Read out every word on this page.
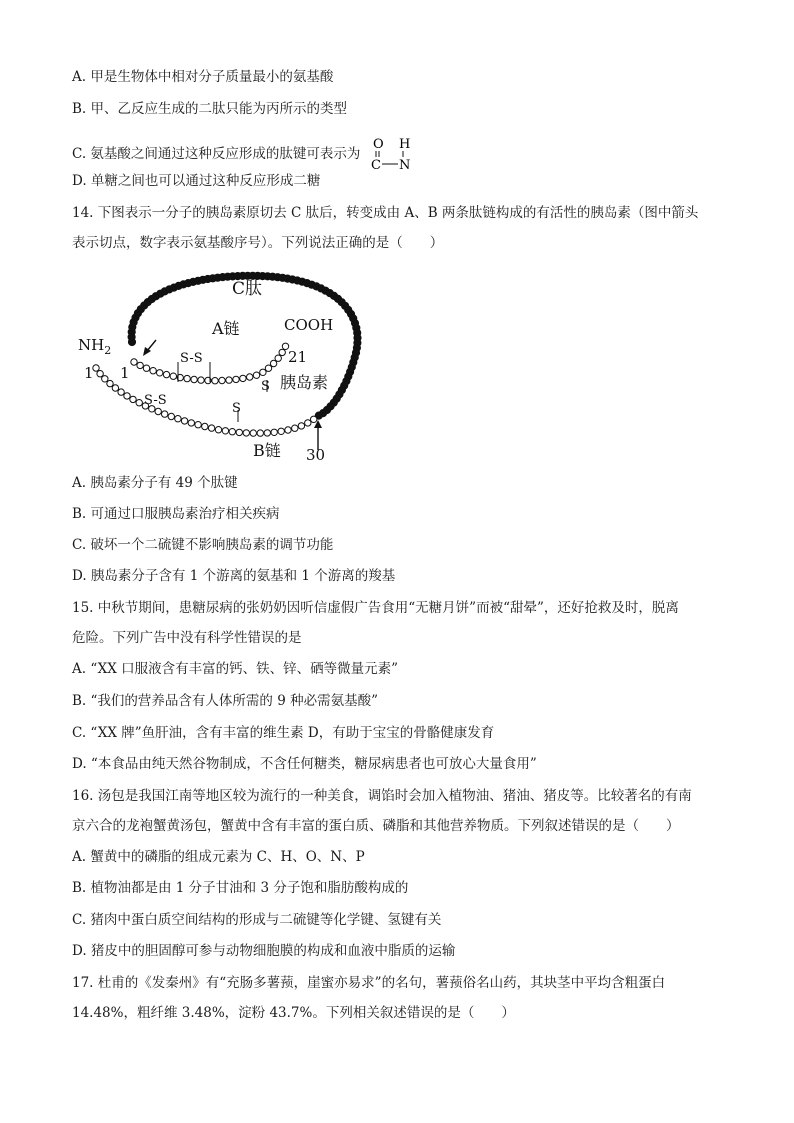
A. 甲是生物体中相对分子质量最小的氨基酸
B. 甲、乙反应生成的二肽只能为丙所示的类型
C. 氨基酸之间通过这种反应形成的肽键可表示为
O H
C N
D. 单糖之间也可以通过这种反应形成二糖
14. 下图表示一分子的胰岛素原切去 C 肽后，转变成由 A、B 两条肽链构成的有活性的胰岛素（图中箭头
表示切点，数字表示氨基酸序号）。下列说法正确的是（　　）
C肽
A链
B链
$NH_2$
COOH
1 1
21
30
胰岛素
S-S
S-S
S
S
A. 胰岛素分子有 49 个肽键
B. 可通过口服胰岛素治疗相关疾病
C. 破坏一个二硫键不影响胰岛素的调节功能
D. 胰岛素分子含有 1 个游离的氨基和 1 个游离的羧基
15. 中秋节期间，患糖尿病的张奶奶因听信虚假广告食用“无糖月饼”而被“甜晕”，还好抢救及时，脱离
危险。下列广告中没有科学性错误的是
A. “XX 口服液含有丰富的钙、铁、锌、硒等微量元素”
B. “我们的营养品含有人体所需的 9 种必需氨基酸”
C. “XX 牌”鱼肝油，含有丰富的维生素 D，有助于宝宝的骨骼健康发育
D. “本食品由纯天然谷物制成，不含任何糖类，糖尿病患者也可放心大量食用”
16. 汤包是我国江南等地区较为流行的一种美食，调馅时会加入植物油、猪油、猪皮等。比较著名的有南
京六合的龙袍蟹黄汤包，蟹黄中含有丰富的蛋白质、磷脂和其他营养物质。下列叙述错误的是（　　）
A. 蟹黄中的磷脂的组成元素为 C、H、O、N、P
B. 植物油都是由 1 分子甘油和 3 分子饱和脂肪酸构成的
C. 猪肉中蛋白质空间结构的形成与二硫键等化学键、氢键有关
D. 猪皮中的胆固醇可参与动物细胞膜的构成和血液中脂质的运输
17. 杜甫的《发秦州》有“充肠多薯蓣，崖蜜亦易求”的名句，薯蓣俗名山药，其块茎中平均含粗蛋白
14.48%，粗纤维 3.48%，淀粉 43.7%。下列相关叙述错误的是（　　）
